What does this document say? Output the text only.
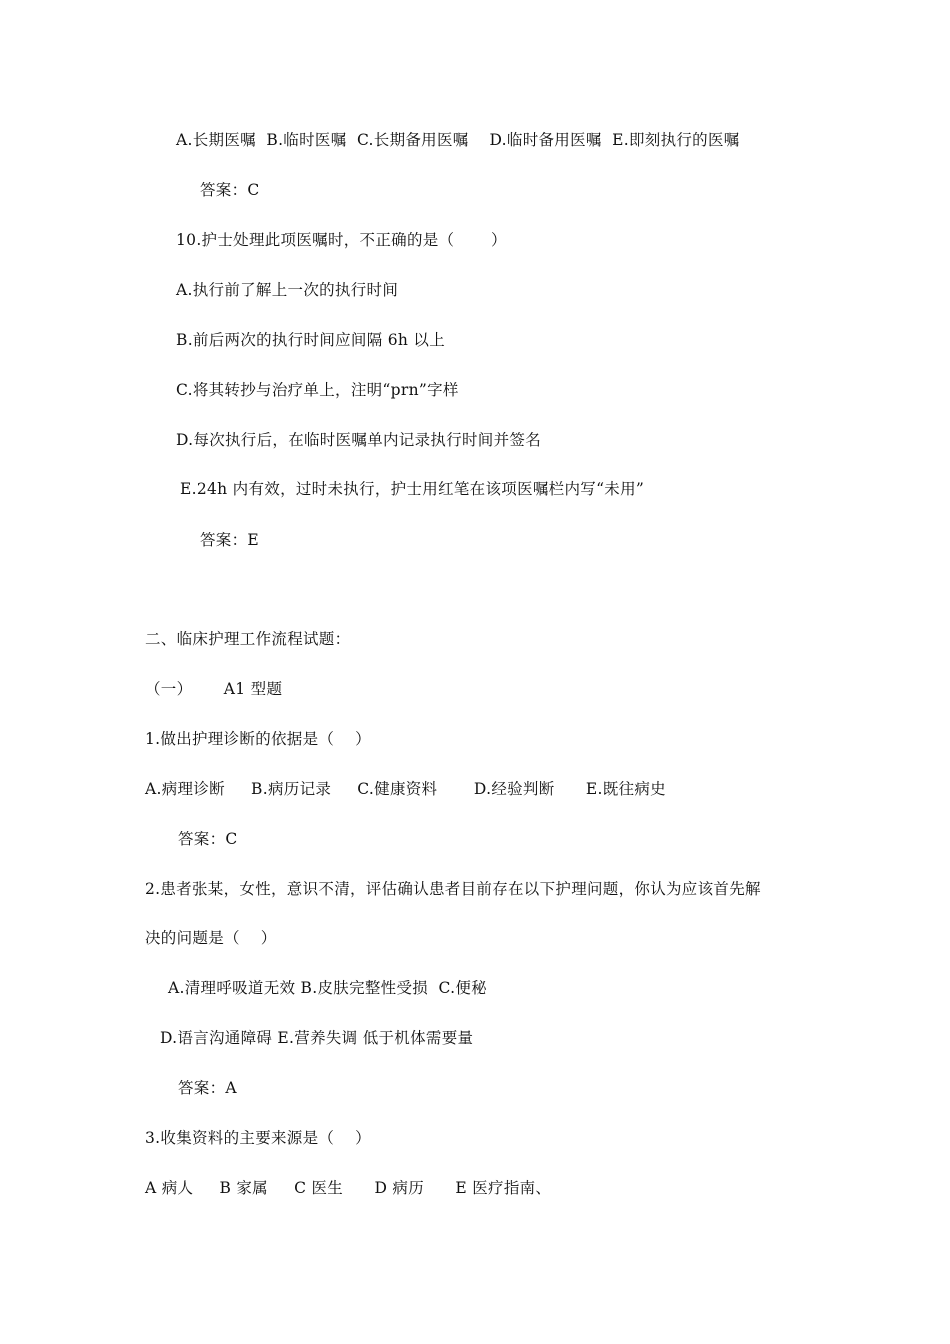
A.长期医嘱  B.临时医嘱  C.长期备用医嘱    D.临时备用医嘱  E.即刻执行的医嘱
答案：C
10.护士处理此项医嘱时，不正确的是（       ）
A.执行前了解上一次的执行时间
B.前后两次的执行时间应间隔 6h 以上
C.将其转抄与治疗单上，注明“prn”字样
D.每次执行后，在临时医嘱单内记录执行时间并签名
E.24h 内有效，过时未执行，护士用红笔在该项医嘱栏内写“未用”
答案：E
二、临床护理工作流程试题：
（一）      A1 型题
1.做出护理诊断的依据是（    ）
A.病理诊断     B.病历记录     C.健康资料       D.经验判断      E.既往病史
答案：C
2.患者张某，女性，意识不清，评估确认患者目前存在以下护理问题，你认为应该首先解
决的问题是（    ）
A.清理呼吸道无效 B.皮肤完整性受损  C.便秘
D.语言沟通障碍 E.营养失调 低于机体需要量
答案：A
3.收集资料的主要来源是（    ）
A 病人     B 家属     C 医生      D 病历      E 医疗指南、
